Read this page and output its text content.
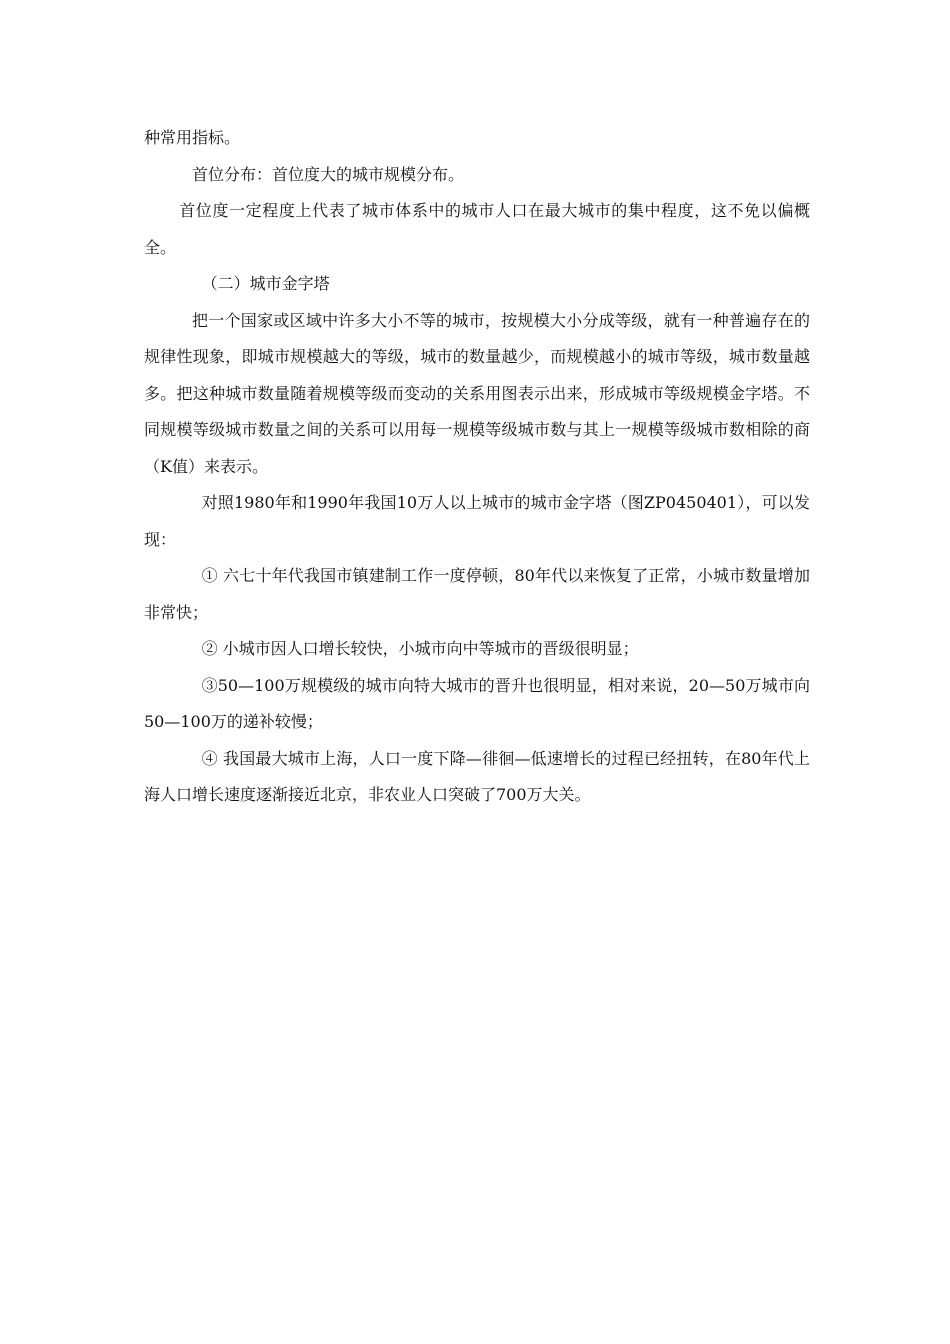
种常用指标。

首位分布：首位度大的城市规模分布。

首位度一定程度上代表了城市体系中的城市人口在最大城市的集中程度，这不免以偏概全。

（二）城市金字塔

把一个国家或区域中许多大小不等的城市，按规模大小分成等级，就有一种普遍存在的规律性现象，即城市规模越大的等级，城市的数量越少，而规模越小的城市等级，城市数量越多。把这种城市数量随着规模等级而变动的关系用图表示出来，形成城市等级规模金字塔。不同规模等级城市数量之间的关系可以用每一规模等级城市数与其上一规模等级城市数相除的商（K值）来表示。

对照1980年和1990年我国10万人以上城市的城市金字塔（图ZP0450401），可以发现：

① 六七十年代我国市镇建制工作一度停顿，80年代以来恢复了正常，小城市数量增加非常快；

② 小城市因人口增长较快，小城市向中等城市的晋级很明显；

③50—100万规模级的城市向特大城市的晋升也很明显，相对来说，20—50万城市向50—100万的递补较慢；

④ 我国最大城市上海，人口一度下降—徘徊—低速增长的过程已经扭转，在80年代上海人口增长速度逐渐接近北京，非农业人口突破了700万大关。
